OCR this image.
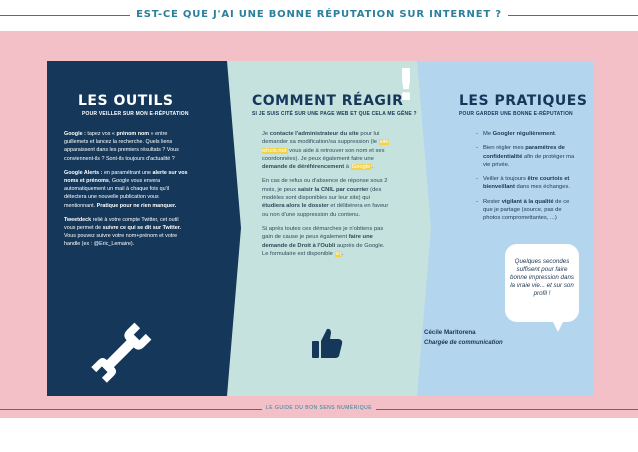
EST-CE QUE J'AI UNE BONNE RÉPUTATION SUR INTERNET ?
LES OUTILS
POUR VEILLER SUR MON E-RÉPUTATION
COMMENT RÉAGIR
!
SI JE SUIS CITÉ SUR UNE PAGE WEB ET QUE CELA ME GÊNE ?
LES PRATIQUES
POUR GARDER UNE BONNE E-RÉPUTATION

Google : tapez vos « prénom nom » entre guillemets et lancez la recherche. Quels liens apparaissent dans les premiers résultats ? Vous conviennent-ils ? Sont-ils toujours d'actualité ?

Google Alerts : en paramétrant une alerte sur vos noms et prénoms, Google vous envera automatiquement un mail à chaque fois qu'il détectera une nouvelle publication vous mentionnant. Pratique pour ne rien manquer.

Tweetdeck relié à votre compte Twitter, cet outil vous permet de suivre ce qui se dit sur Twitter. Vous pouvez suivre votre nom+prénom et votre handle (ex : @Eric_Lemaire).

Je contacte l'administrateur du site pour lui demander sa modification/sa suppression (le site whois.net vous aide à retrouver son nom et ses coordonnées). Je peux également faire une demande de déréférencement à Google.

En cas de refus ou d'absence de réponse sous 2 mois, je peux saisir la CNIL par courrier (des modèles sont disponibles sur leur site) qui étudiera alors le dossier et délibérera en faveur ou non d'une suppression du contenu.

Si après toutes ces démarches je n'obtiens pas gain de cause je peux également faire une demande de Droit à l'Oubli auprès de Google. Le formulaire est disponible ici.

- Me Googler régulièrement.
- Bien régler mes paramètres de confidentialité afin de protéger ma vie privée.
- Veiller à toujours être courtois et bienveillant dans mes échanges.
- Rester vigilant à la qualité de ce que je partage (source, pas de photos compromettantes, ...)
Quelques secondes suffisent pour faire bonne impression dans la vraie vie... et sur son profil !
Cécile Maritorena
Chargée de communication
LE GUIDE DU BON SENS NUMÉRIQUE
